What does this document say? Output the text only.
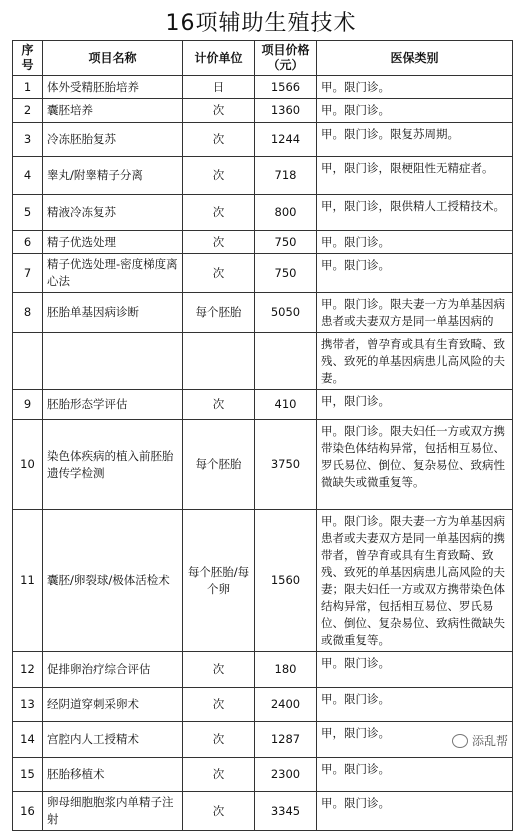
16项辅助生殖技术
序号	项目名称	计价单位	项目价格（元）	医保类别
1	体外受精胚胎培养	日	1566	甲。限门诊。
2	囊胚培养	次	1360	甲。限门诊。
3	冷冻胚胎复苏	次	1244	甲。限门诊。限复苏周期。
4	睾丸/附睾精子分离	次	718	甲，限门诊，限梗阻性无精症者。
5	精液冷冻复苏	次	800	甲，限门诊，限供精人工授精技术。
6	精子优选处理	次	750	甲。限门诊。
7	精子优选处理-密度梯度离心法	次	750	甲。限门诊。
8	胚胎单基因病诊断	每个胚胎	5050	甲。限门诊。限夫妻一方为单基因病患者或夫妻双方是同一单基因病的
				携带者，曾孕育或具有生育致畸、致残、致死的单基因病患儿高风险的夫妻。
9	胚胎形态学评估	次	410	甲，限门诊。
10	染色体疾病的植入前胚胎遗传学检测	每个胚胎	3750	甲。限门诊。限夫妇任一方或双方携带染色体结构异常，包括相互易位、罗氏易位、倒位、复杂易位、致病性微缺失或微重复等。
11	囊胚/卵裂球/极体活检术	每个胚胎/每个卵	1560	甲。限门诊。限夫妻一方为单基因病患者或夫妻双方是同一单基因病的携带者，曾孕育或具有生育致畸、致残、致死的单基因病患儿高风险的夫妻；限夫妇任一方或双方携带染色体结构异常，包括相互易位、罗氏易位、倒位、复杂易位、致病性微缺失或微重复等。
12	促排卵治疗综合评估	次	180	甲。限门诊。
13	经阴道穿刺采卵术	次	2400	甲。限门诊。
14	宫腔内人工授精术	次	1287	甲，限门诊。
15	胚胎移植术	次	2300	甲。限门诊。
16	卵母细胞胞浆内单精子注射	次	3345	甲。限门诊。
添乱帮
